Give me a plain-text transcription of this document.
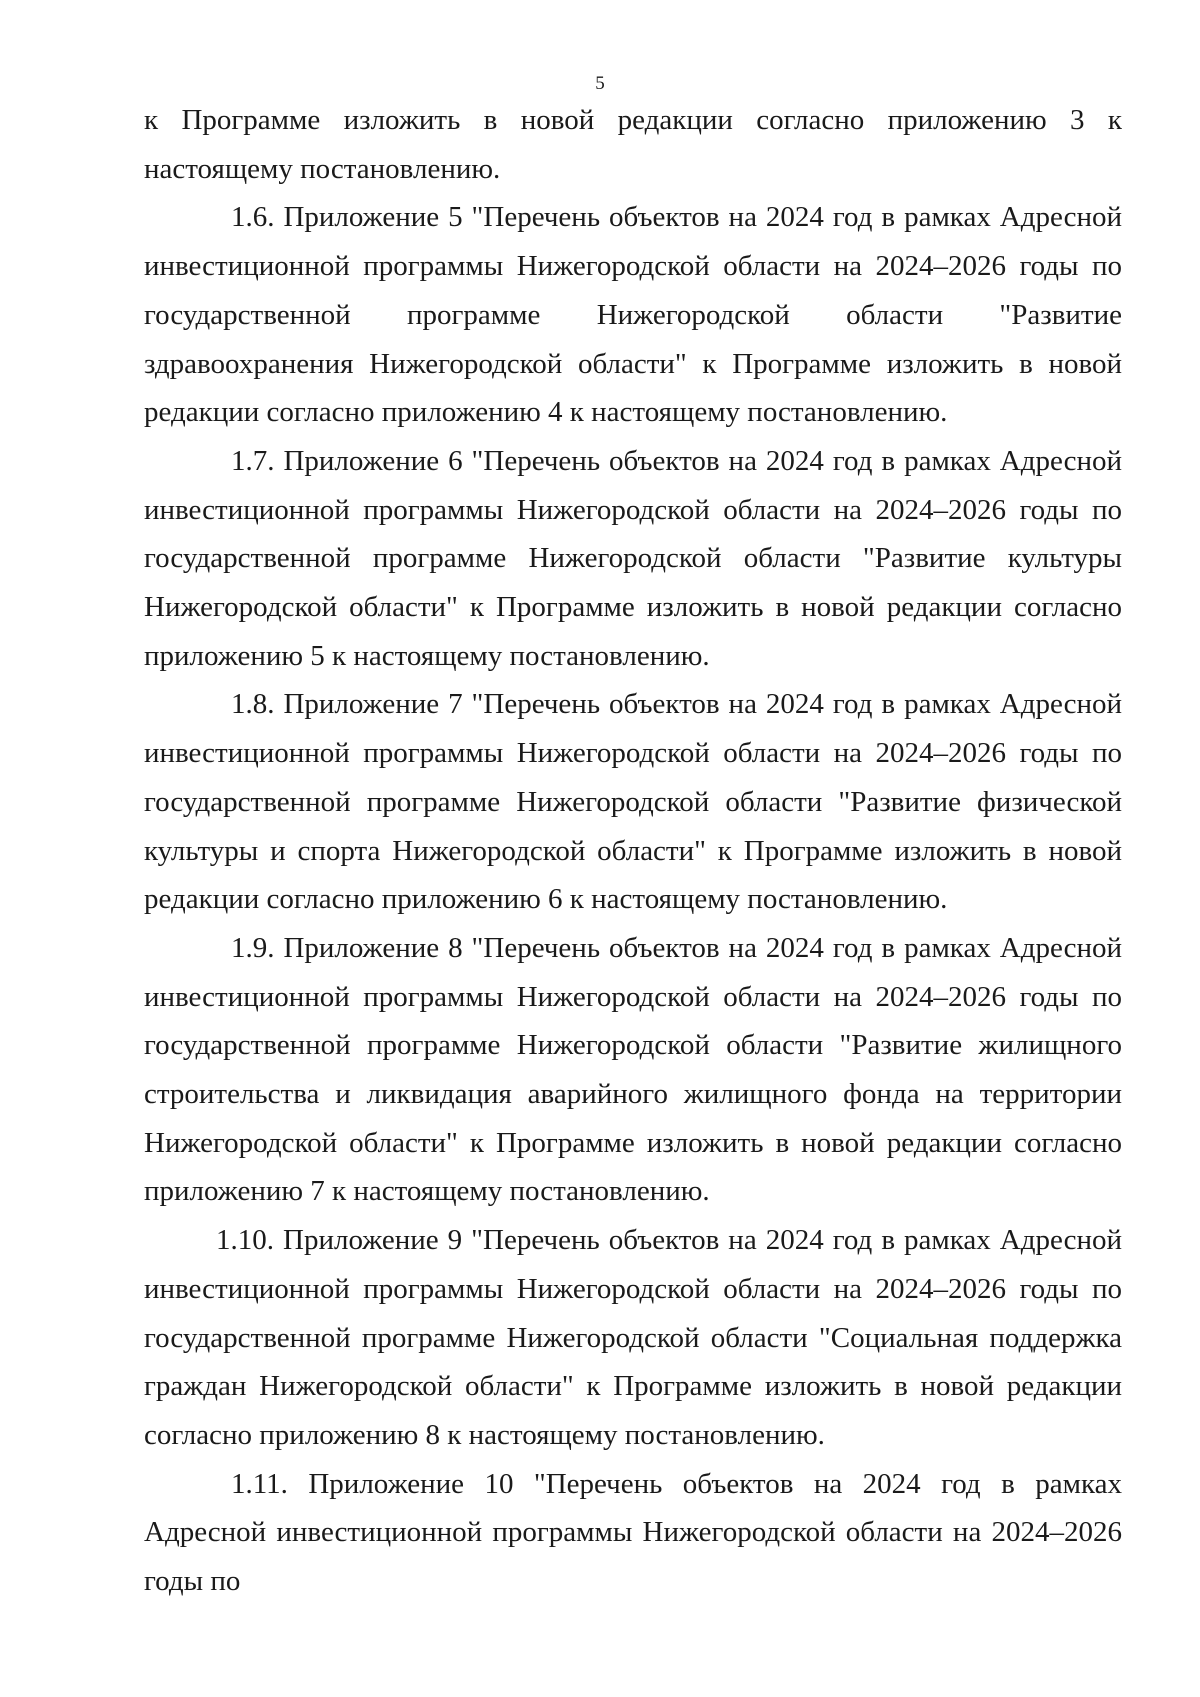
5

к Программе изложить в новой редакции согласно приложению 3 к настоящему постановлению.

1.6. Приложение 5 "Перечень объектов на 2024 год в рамках Адресной инвестиционной программы Нижегородской области на 2024–2026 годы по государственной программе Нижегородской области "Развитие здравоохранения Нижегородской области" к Программе изложить в новой редакции согласно приложению 4 к настоящему постановлению.

1.7. Приложение 6 "Перечень объектов на 2024 год в рамках Адресной инвестиционной программы Нижегородской области на 2024–2026 годы по государственной программе Нижегородской области "Развитие культуры Нижегородской области" к Программе изложить в новой редакции согласно приложению 5 к настоящему постановлению.

1.8. Приложение 7 "Перечень объектов на 2024 год в рамках Адресной инвестиционной программы Нижегородской области на 2024–2026 годы по государственной программе Нижегородской области "Развитие физической культуры и спорта Нижегородской области" к Программе изложить в новой редакции согласно приложению 6 к настоящему постановлению.

1.9. Приложение 8 "Перечень объектов на 2024 год в рамках Адресной инвестиционной программы Нижегородской области на 2024–2026 годы по государственной программе Нижегородской области "Развитие жилищного строительства и ликвидация аварийного жилищного фонда на территории Нижегородской области" к Программе изложить в новой редакции согласно приложению 7 к настоящему постановлению.

1.10. Приложение 9 "Перечень объектов на 2024 год в рамках Адресной инвестиционной программы Нижегородской области на 2024–2026 годы по государственной программе Нижегородской области "Социальная поддержка граждан Нижегородской области" к Программе изложить в новой редакции согласно приложению 8 к настоящему постановлению.

1.11. Приложение 10 "Перечень объектов на 2024 год в рамках Адресной инвестиционной программы Нижегородской области на 2024–2026 годы по
